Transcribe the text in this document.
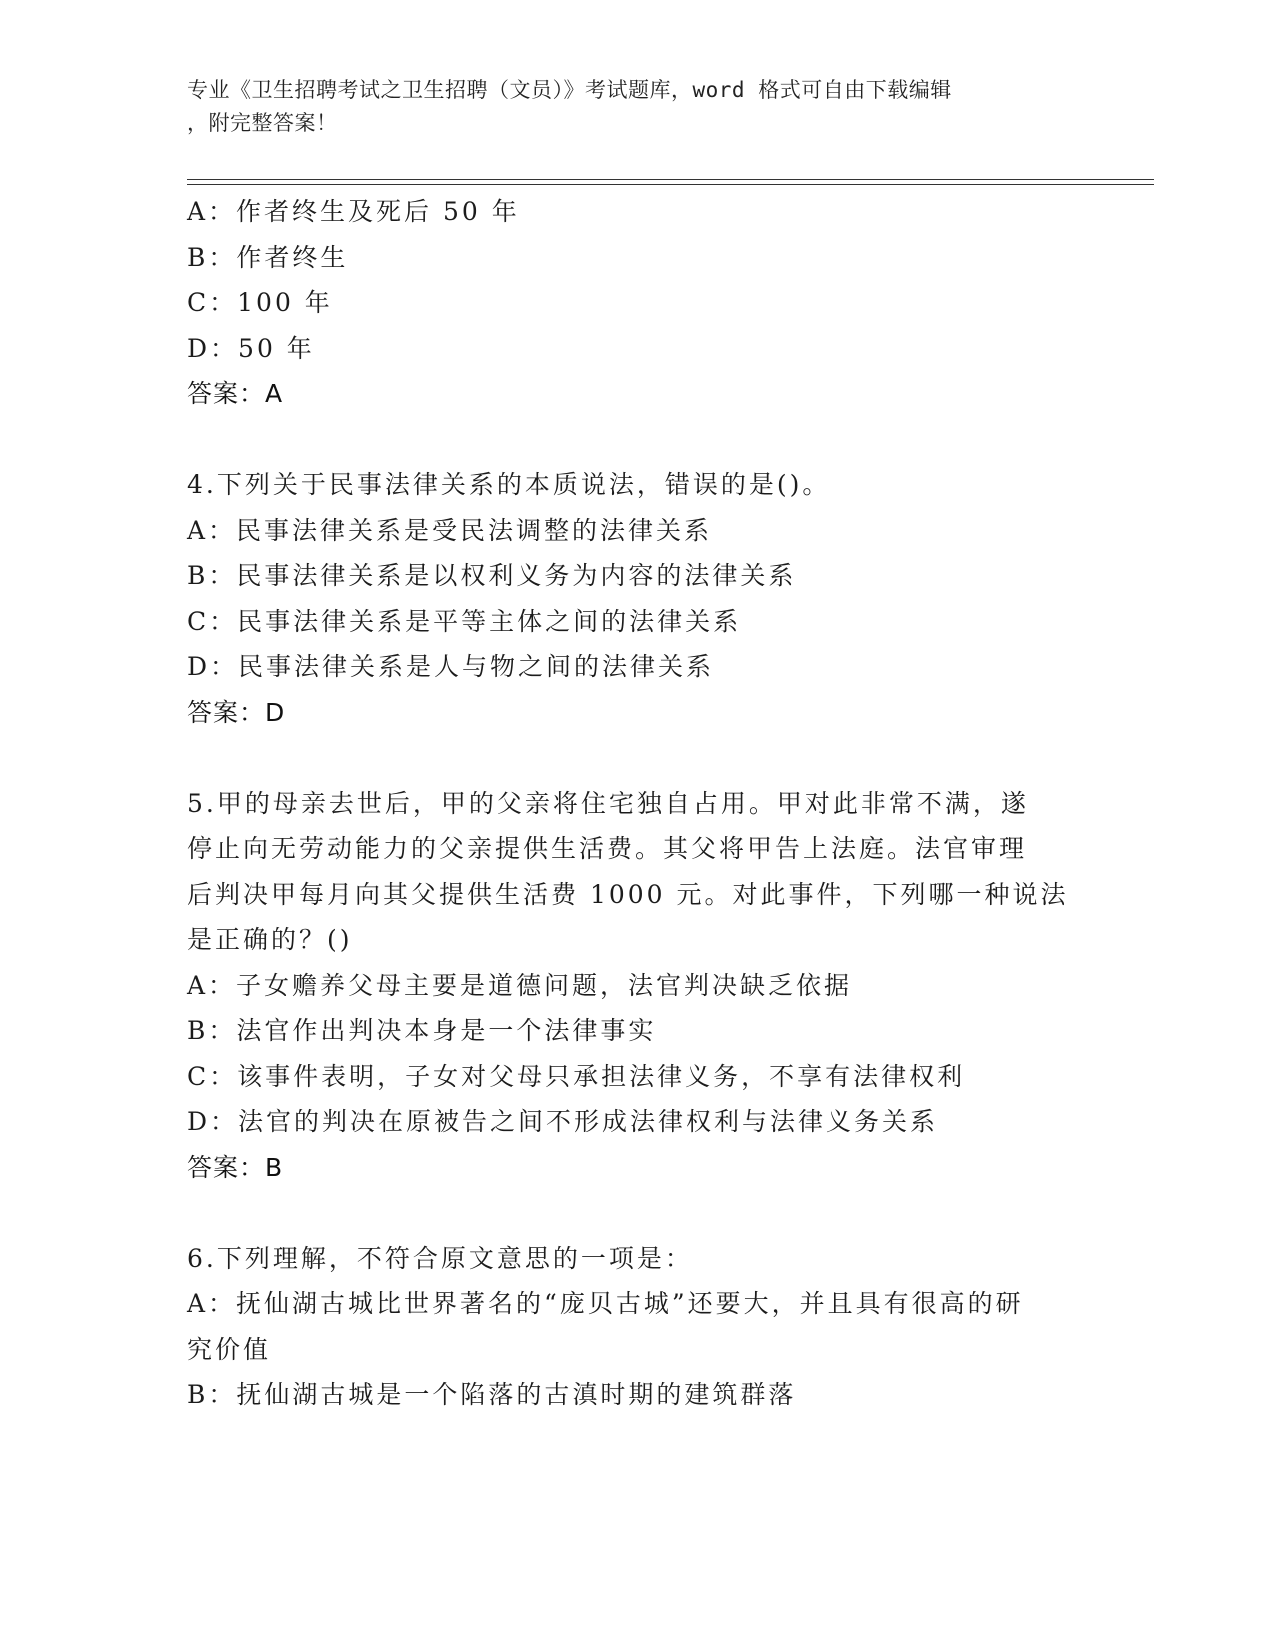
专业《卫生招聘考试之卫生招聘（文员）》考试题库，word 格式可自由下载编辑
，附完整答案！
A：作者终生及死后 50 年
B：作者终生
C：100 年
D：50 年
答案：A
4.下列关于民事法律关系的本质说法，错误的是()。
A：民事法律关系是受民法调整的法律关系
B：民事法律关系是以权利义务为内容的法律关系
C：民事法律关系是平等主体之间的法律关系
D：民事法律关系是人与物之间的法律关系
答案：D
5.甲的母亲去世后，甲的父亲将住宅独自占用。甲对此非常不满，遂
停止向无劳动能力的父亲提供生活费。其父将甲告上法庭。法官审理
后判决甲每月向其父提供生活费 1000 元。对此事件，下列哪一种说法
是正确的？()
A：子女赡养父母主要是道德问题，法官判决缺乏依据
B：法官作出判决本身是一个法律事实
C：该事件表明，子女对父母只承担法律义务，不享有法律权利
D：法官的判决在原被告之间不形成法律权利与法律义务关系
答案：B
6.下列理解，不符合原文意思的一项是：
A：抚仙湖古城比世界著名的“庞贝古城”还要大，并且具有很高的研
究价值
B：抚仙湖古城是一个陷落的古滇时期的建筑群落
